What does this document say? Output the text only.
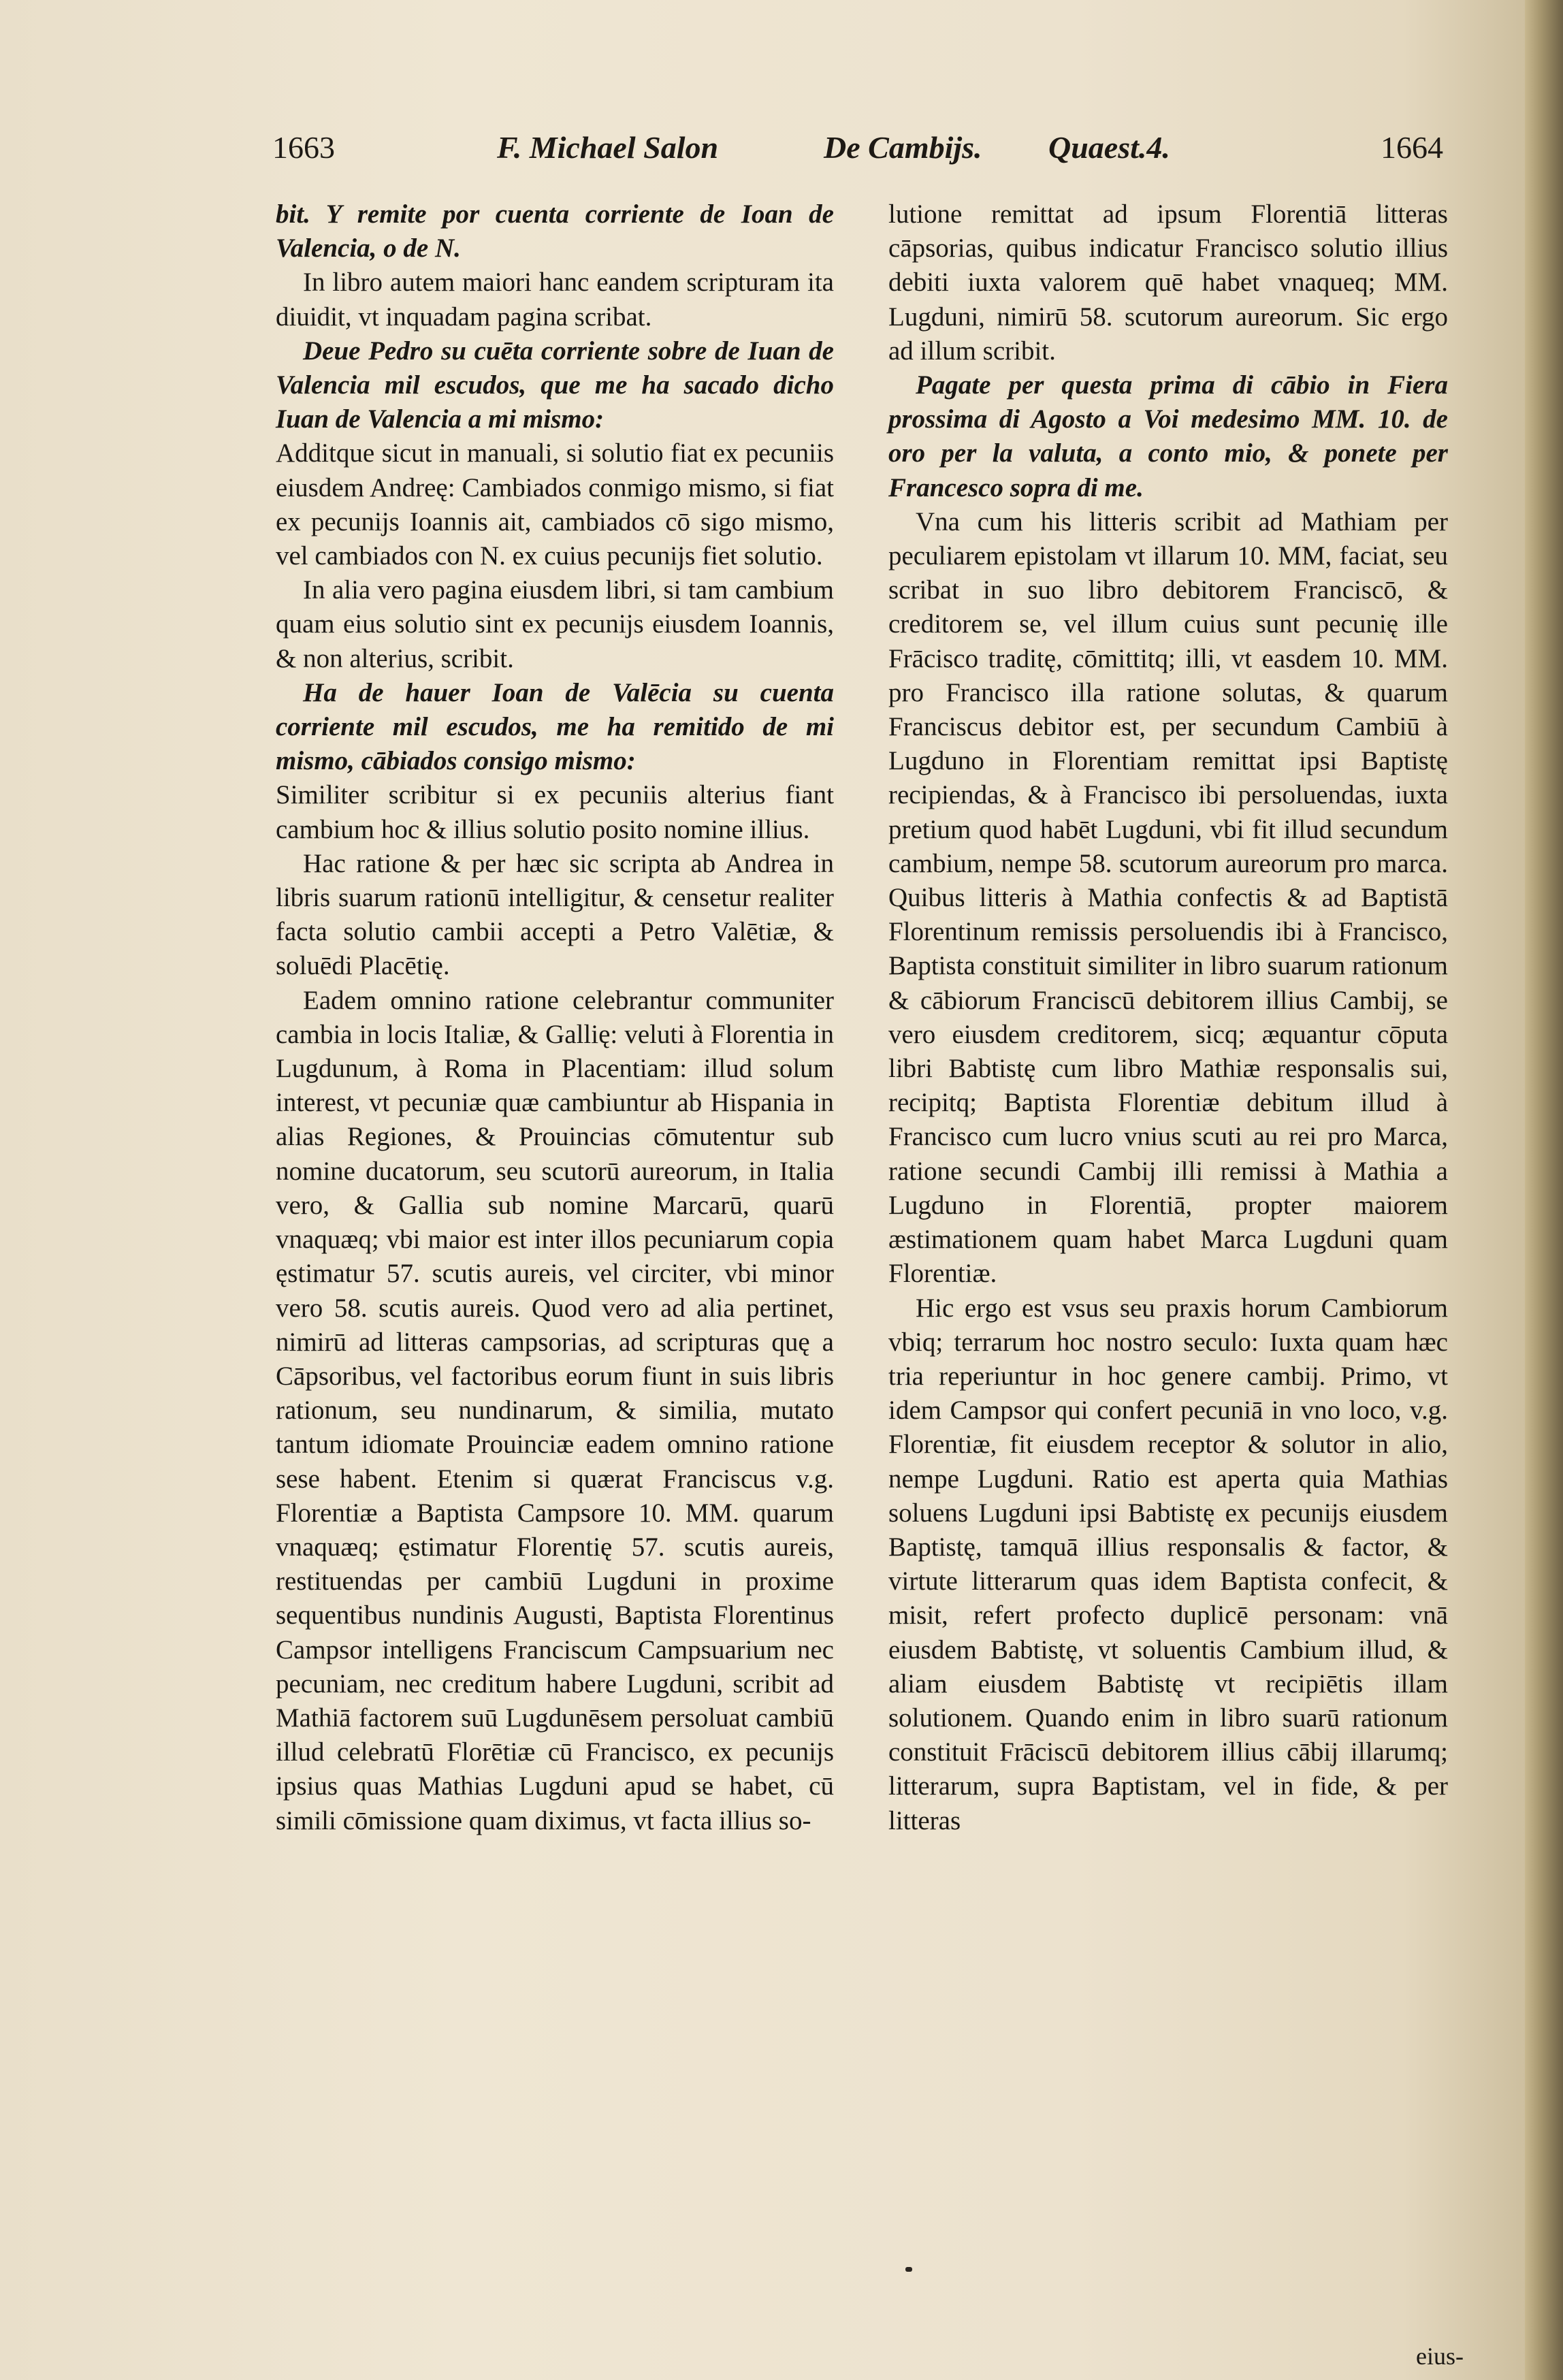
1663	F. Michael Salon	De Cambijs. Quaest.4.	1664

bit. Y remite por cuenta corriente de Ioan de Valencia, o de N.

In libro autem maiori hanc eandem scripturam ita diuidit, vt inquadam pagina scribat.

Deue Pedro su cuēta corriente sobre de Iuan de Valencia mil escudos, que me ha sacado dicho Iuan de Valencia a mi mismo:

Additque sicut in manuali, si solutio fiat ex pecuniis eiusdem Andreę: Cambiados conmigo mismo, si fiat ex pecunijs Ioannis ait, cambiados cō sigo mismo, vel cambiados con N. ex cuius pecunijs fiet solutio.

In alia vero pagina eiusdem libri, si tam cambium quam eius solutio sint ex pecunijs eiusdem Ioannis, & non alterius, scribit.

Ha de hauer Ioan de Valēcia su cuenta corriente mil escudos, me ha remitido de mi mismo, cābiados consigo mismo:

Similiter scribitur si ex pecuniis alterius fiant cambium hoc & illius solutio posito nomine illius.

Hac ratione & per hæc sic scripta ab Andrea in libris suarum rationū intelligitur, & censetur realiter facta solutio cambii accepti a Petro Valētiæ, & soluēdi Placētię.

Eadem omnino ratione celebrantur communiter cambia in locis Italiæ, & Gallię: veluti à Florentia in Lugdunum, à Roma in Placentiam: illud solum interest, vt pecuniæ quæ cambiuntur ab Hispania in alias Regiones, & Prouincias cōmutentur sub nomine ducatorum, seu scutorū aureorum, in Italia vero, & Gallia sub nomine Marcarū, quarū vnaquæq; vbi maior est inter illos pecuniarum copia ęstimatur 57. scutis aureis, vel circiter, vbi minor vero 58. scutis aureis. Quod vero ad alia pertinet, nimirū ad litteras campsorias, ad scripturas quę a Cāpsoribus, vel factoribus eorum fiunt in suis libris rationum, seu nundinarum, & similia, mutato tantum idiomate Prouinciæ eadem omnino ratione sese habent. Etenim si quærat Franciscus v.g. Florentiæ a Baptista Campsore 10. MM. quarum vnaquæq; ęstimatur Florentię 57. scutis aureis, restituendas per cambiū Lugduni in proxime sequentibus nundinis Augusti, Baptista Florentinus Campsor intelligens Franciscum Campsuarium nec pecuniam, nec creditum habere Lugduni, scribit ad Mathiā factorem suū Lugdunēsem persoluat cambiū illud celebratū Florētiæ cū Francisco, ex pecunijs ipsius quas Mathias Lugduni apud se habet, cū simili cōmissione quam diximus, vt facta illius so-

lutione remittat ad ipsum Florentiā litteras cāpsorias, quibus indicatur Francisco solutio illius debiti iuxta valorem quē habet vnaqueq; MM. Lugduni, nimirū 58. scutorum aureorum. Sic ergo ad illum scribit.

Pagate per questa prima di cābio in Fiera prossima di Agosto a Voi medesimo MM. 10. de oro per la valuta, a conto mio, & ponete per Francesco sopra di me.

Vna cum his litteris scribit ad Mathiam per peculiarem epistolam vt illarum 10. MM, faciat, seu scribat in suo libro debitorem Franciscō, & creditorem se, vel illum cuius sunt pecunię ille Frācisco traditę, cōmittitq; illi, vt easdem 10. MM. pro Francisco illa ratione solutas, & quarum Franciscus debitor est, per secundum Cambiū à Lugduno in Florentiam remittat ipsi Baptistę recipiendas, & à Francisco ibi persoluendas, iuxta pretium quod habēt Lugduni, vbi fit illud secundum cambium, nempe 58. scutorum aureorum pro marca. Quibus litteris à Mathia confectis & ad Baptistā Florentinum remissis persoluendis ibi à Francisco, Baptista constituit similiter in libro suarum rationum & cābiorum Franciscū debitorem illius Cambij, se vero eiusdem creditorem, sicq; æquantur cōputa libri Babtistę cum libro Mathiæ responsalis sui, recipitq; Baptista Florentiæ debitum illud à Francisco cum lucro vnius scuti au rei pro Marca, ratione secundi Cambij illi remissi à Mathia a Lugduno in Florentiā, propter maiorem æstimationem quam habet Marca Lugduni quam Florentiæ.

Hic ergo est vsus seu praxis horum Cambiorum vbiq; terrarum hoc nostro seculo: Iuxta quam hæc tria reperiuntur in hoc genere cambij. Primo, vt idem Campsor qui confert pecuniā in vno loco, v.g. Florentiæ, fit eiusdem receptor & solutor in alio, nempe Lugduni. Ratio est aperta quia Mathias soluens Lugduni ipsi Babtistę ex pecunijs eiusdem Baptistę, tamquā illius responsalis & factor, & virtute litterarum quas idem Baptista confecit, & misit, refert profecto duplicē personam: vnā eiusdem Babtistę, vt soluentis Cambium illud, & aliam eiusdem Babtistę vt recipiētis illam solutionem. Quando enim in libro suarū rationum constituit Frāciscū debitorem illius cābij illarumq; litterarum, supra Baptistam, vel in fide, & per litteras

eius-
